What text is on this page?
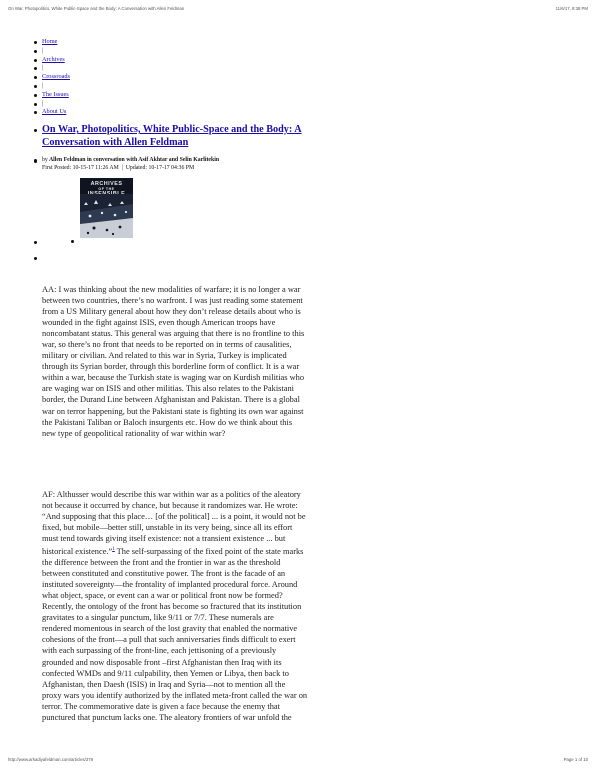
On War, Photopolitics, White Public-Space and the Body: A Conversation with Allen Feldman	11/6/17, 8:38 PM
Home
|
Archives
|
Crossroads
|
The Issues
|
About Us
On War, Photopolitics, White Public-Space and the Body: A
Conversation with Allen Feldman
by Allen Feldman in conversation with Asif Akhtar and Selin Karlitekin
First Posted: 10-15-17 11:26 AM | Updated: 10-17-17 04:36 PM
ARCHIVES
OF THE
AA: I was thinking about the new modalities of warfare; it is no longer a war
between two countries, there’s no warfront. I was just reading some statement
from a US Military general about how they don’t release details about who is
wounded in the fight against ISIS, even though American troops have
noncombatant status. This general was arguing that there is no frontline to this
war, so there’s no front that needs to be reported on in terms of causalities,
military or civilian. And related to this war in Syria, Turkey is implicated
through its Syrian border, through this borderline form of conflict. It is a war
within a war, because the Turkish state is waging war on Kurdish militias who
are waging war on ISIS and other militias. This also relates to the Pakistani
border, the Durand Line between Afghanistan and Pakistan. There is a global
war on terror happening, but the Pakistani state is fighting its own war against
the Pakistani Taliban or Baloch insurgents etc. How do we think about this
new type of geopolitical rationality of war within war?
AF: Althusser would describe this war within war as a politics of the aleatory
not because it occurred by chance, but because it randomizes war. He wrote:
“And supposing that this place… [of the political] ... is a point, it would not be
fixed, but mobile—better still, unstable in its very being, since all its effort
must tend towards giving itself existence: not a transient existence ... but
historical existence.”$^1$ The self-surpassing of the fixed point of the state marks
the difference between the front and the frontier in war as the threshold
between constituted and constitutive power. The front is the facade of an
instituted sovereignty—the frontality of implanted procedural force. Around
what object, space, or event can a war or political front now be formed?
Recently, the ontology of the front has become so fractured that its institution
gravitates to a singular punctum, like 9/11 or 7/7. These numerals are
rendered momentous in search of the lost gravity that enabled the normative
cohesions of the front—a pull that such anniversaries finds difficult to exert
with each surpassing of the front-line, each jettisoning of a previously
grounded and now disposable front –first Afghanistan then Iraq with its
confected WMDs and 9/11 culpability, then Yemen or Libya, then back to
Afghanistan, then Daesh (ISIS) in Iraq and Syria—not to mention all the
proxy wars you identify authorized by the inflated meta-front called the war on
terror. The commemorative date is given a face because the enemy that
punctured that punctum lacks one. The aleatory frontiers of war unfold the
http://www.arkadiyafeldman.com/articles/378	Page 1 of 10
